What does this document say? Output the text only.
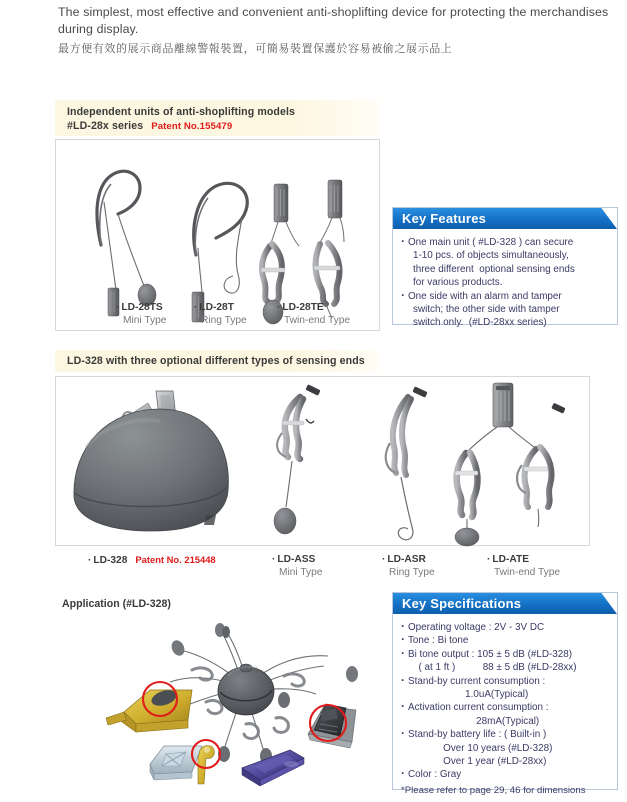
The simplest, most effective and convenient anti-shoplifting device for protecting the merchandises during display.
最方便有效的展示商品離線警報裝置，可簡易裝置保護於容易被偷之展示品上
Independent units of anti-shoplifting models
#LD-28x series Patent No.155479
· LD-28TS
Mini Type
· LD-28T
Ring Type
· LD-28TE
Twin-end Type
Key Features
· One main unit ( #LD-328 ) can secure
1-10 pcs. of objects simultaneously,
three different  optional sensing ends
for various products.
· One side with an alarm and tamper
switch; the other side with tamper
switch only.  (#LD-28xx series)
LD-328 with three optional different types of sensing ends
· LD-328 Patent No. 215448	· LD-ASS
Mini Type
· LD-ASR
Ring Type
· LD-ATE
Twin-end Type
Application (#LD-328)	Key Specifications
· Operating voltage : 2V - 3V DC
· Tone : Bi tone
· Bi tone output : 105 ± 5 dB (#LD-328)
( at 1 ft )          88 ± 5 dB (#LD-28xx)
· Stand-by current consumption :
1.0uA(Typical)
· Activation current consumption :
28mA(Typical)
· Stand-by battery life : ( Built-in )
Over 10 years (#LD-328)
Over 1 year (#LD-28xx)
· Color : Gray
*Please refer to page 29, 46 for dimensions
